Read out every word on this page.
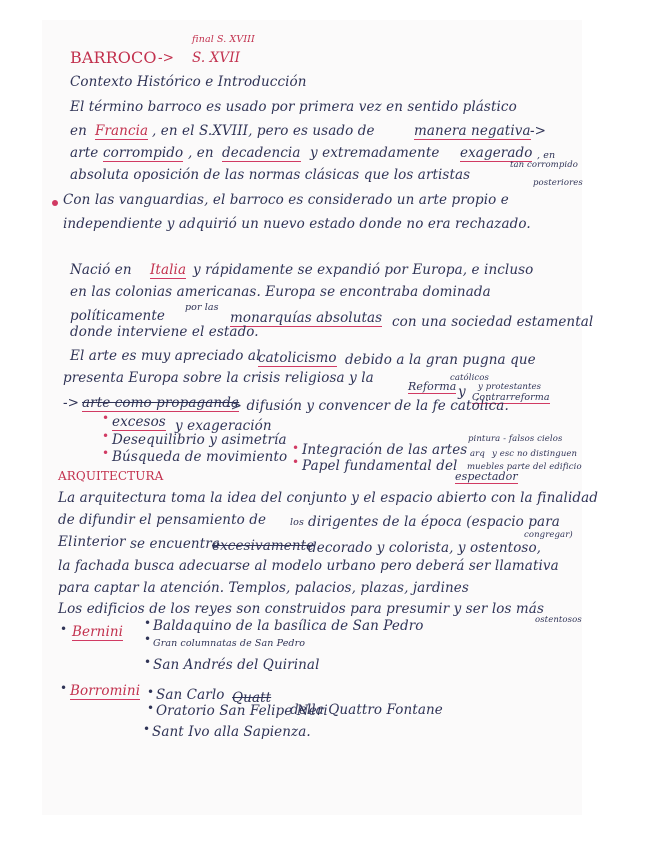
final S. XVIII
BARROCO -> S. XVII
Contexto Histórico e Introducción
El término barroco es usado por primera vez en sentido plástico
en Francia , en el S.XVIII, pero es usado de	manera negativa ->
arte corrompido , en decadencia y extremadamente exagerado , en
tan corrompido
absoluta oposición de las normas clásicas que los artistas	posteriores
Con las vanguardias, el barroco es considerado un arte propio e
independiente y adquirió un nuevo estado donde no era rechazado.
Nació en Italia y rápidamente se expandió por Europa, e incluso
en las colonias americanas. Europa se encontraba dominada
políticamente
por las
monarquías absolutas con una sociedad estamental
donde interviene el estado.
El arte es muy apreciado al
catolicismo debido a la gran pugna que
católicos
presenta Europa sobre la crisis religiosa y la
Reforma y Contrarreforma
y protestantes
-> arte como propaganda
-> difusión y convencer de la fe católica.
• excesos y exageración
• Desequilibrio y asimetría
• Búsqueda de movimiento
• Integración de las artes
• Papel fundamental del
espectador
pintura - falsos cielos
arq y esc no distinguen
muebles parte del edificio
ARQUITECTURA
La arquitectura toma la idea del conjunto y el espacio abierto con la finalidad
de difundir el pensamiento de	los dirigentes de la época (espacio para
congregar)
El interior se encuentra
excesivamente
decorado y colorista, y ostentoso,
la fachada busca adecuarse al modelo urbano pero deberá ser llamativa
para captar la atención. Templos, palacios, plazas, jardines
Los edificios de los reyes son construidos para presumir y ser los más
ostentosos
• Bernini
• Baldaquino de la basílica de San Pedro
• Gran columnatas de San Pedro
• San Andrés del Quirinal
• Borromini • San Carlo Quatt
della Quattro Fontane
• Oratorio San Felipe Neri
• Sant Ivo alla Sapienza.
